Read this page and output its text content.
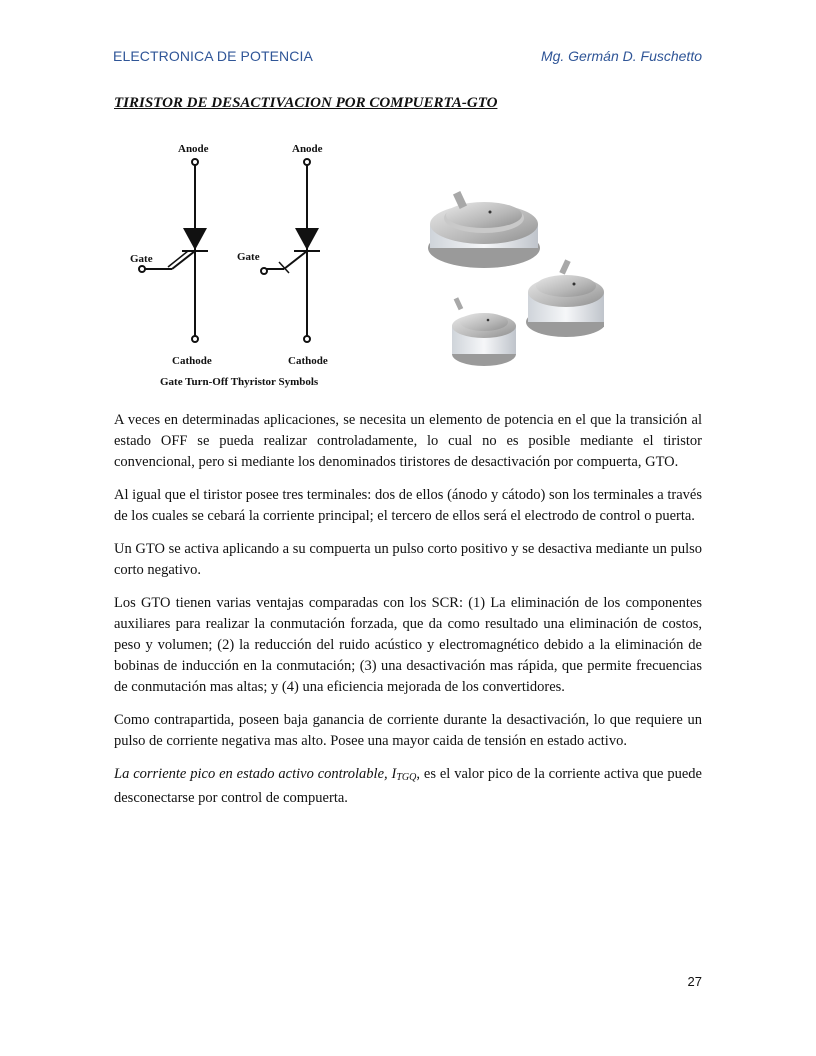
ELECTRONICA DE POTENCIA	Mg. Germán D. Fuschetto
TIRISTOR DE DESACTIVACION POR COMPUERTA-GTO
Anode
Gate
Cathode
Anode
Gate
Cathode
Gate Turn-Off Thyristor Symbols

A veces en determinadas aplicaciones, se necesita un elemento de potencia en el que la transición al estado OFF se pueda realizar controladamente, lo cual no es posible mediante el tiristor convencional, pero si mediante los denominados tiristores de desactivación por compuerta, GTO.

Al igual que el tiristor posee tres terminales: dos de ellos (ánodo y cátodo) son los terminales a través de los cuales se cebará la corriente principal; el tercero de ellos será el electrodo de control o puerta.

Un GTO se activa aplicando a su compuerta un pulso corto positivo y se desactiva mediante un pulso corto negativo.

Los GTO tienen varias ventajas comparadas con los SCR: (1) La eliminación de los componentes auxiliares para realizar la conmutación forzada, que da como resultado una eliminación de costos, peso y volumen; (2) la reducción del ruido acústico y electromagnético debido a la eliminación de bobinas de inducción en la conmutación; (3) una desactivación mas rápida, que permite frecuencias de conmutación mas altas; y (4) una eficiencia mejorada de los convertidores.

Como contrapartida, poseen baja ganancia de corriente durante la desactivación, lo que requiere un pulso de corriente negativa mas alto. Posee una mayor caida de tensión en estado activo.

La corriente pico en estado activo controlable, $I_{TGQ}$, es el valor pico de la corriente activa que puede desconectarse por control de compuerta.

27
